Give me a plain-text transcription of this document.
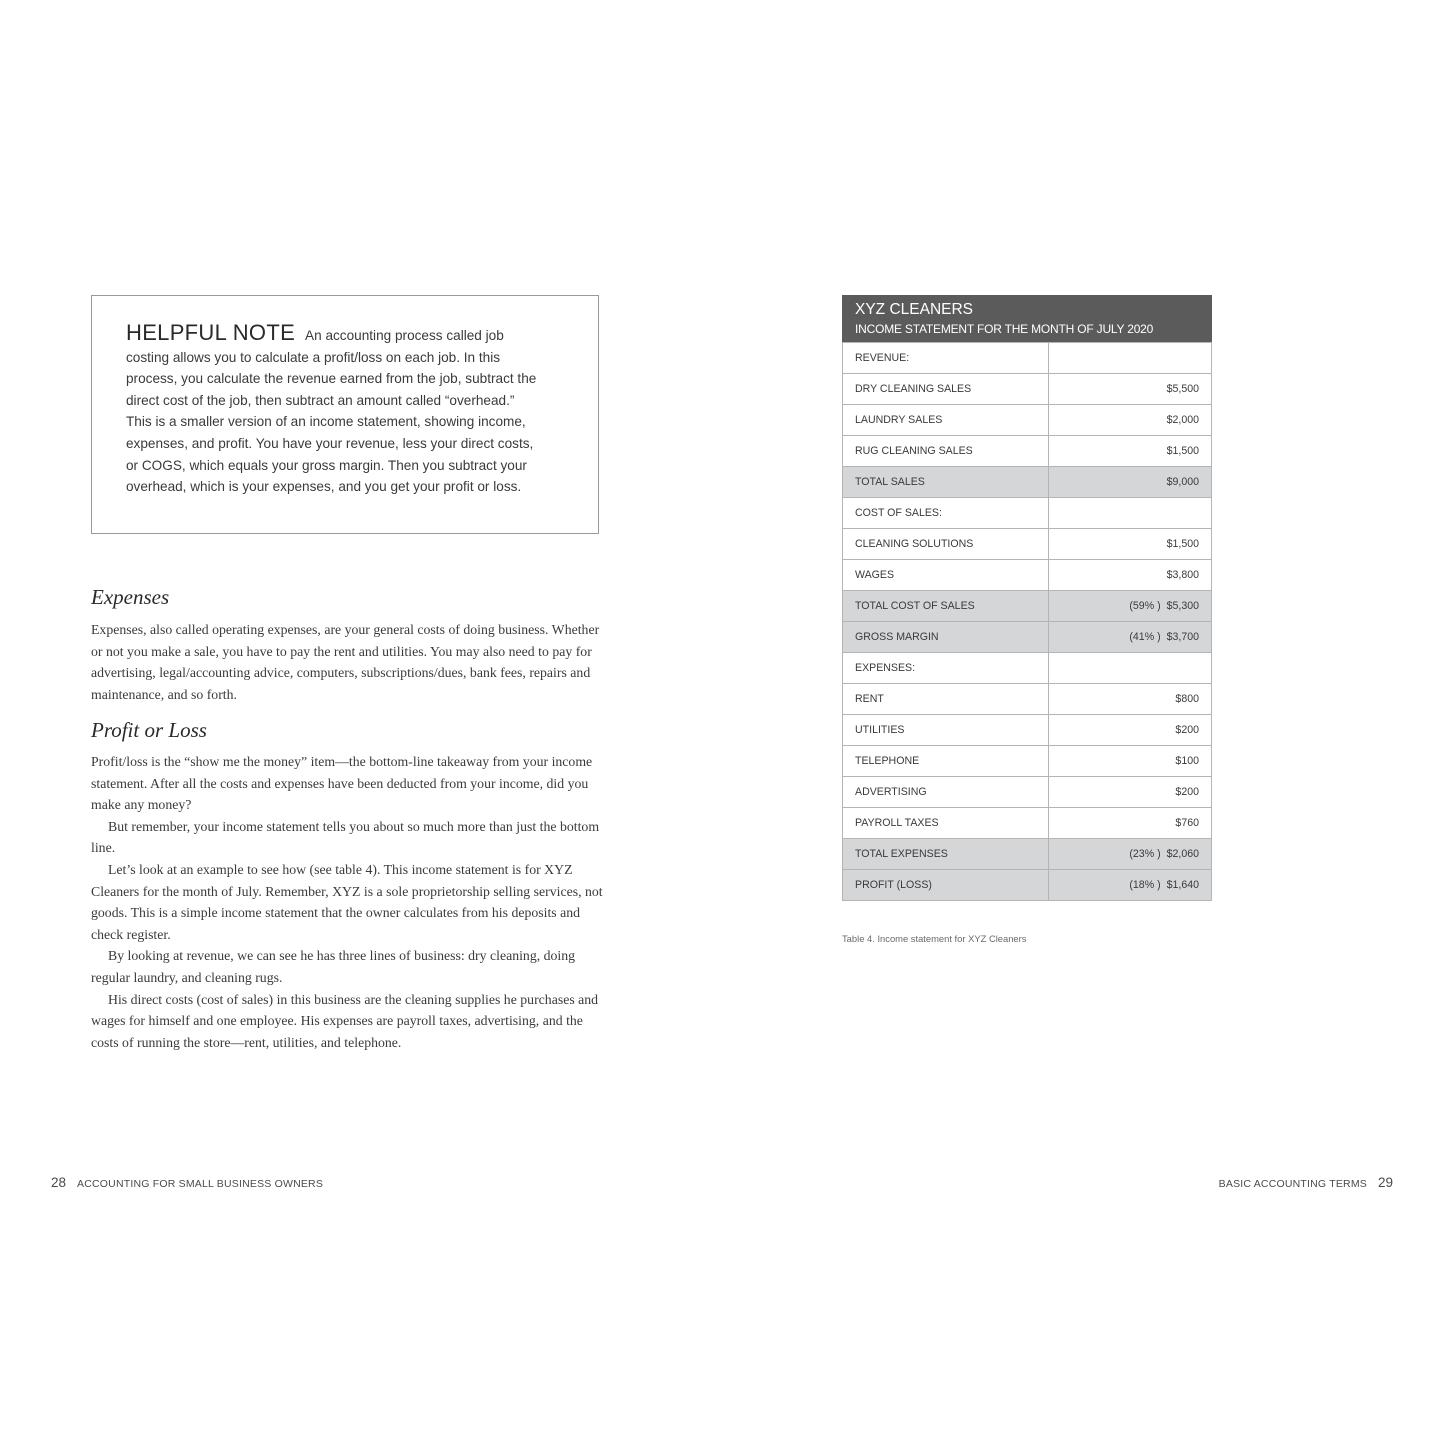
HELPFUL NOTE An accounting process called job costing allows you to calculate a profit/loss on each job. In this process, you calculate the revenue earned from the job, subtract the direct cost of the job, then subtract an amount called “overhead.” This is a smaller version of an income statement, showing income, expenses, and profit. You have your revenue, less your direct costs, or COGS, which equals your gross margin. Then you subtract your overhead, which is your expenses, and you get your profit or loss.

Expenses

Expenses, also called operating expenses, are your general costs of doing business. Whether or not you make a sale, you have to pay the rent and utilities. You may also need to pay for advertising, legal/accounting advice, computers, subscriptions/dues, bank fees, repairs and maintenance, and so forth.

Profit or Loss

Profit/loss is the “show me the money” item—the bottom-line takeaway from your income statement. After all the costs and expenses have been deducted from your income, did you make any money?

But remember, your income statement tells you about so much more than just the bottom line.

Let’s look at an example to see how (see table 4). This income statement is for XYZ Cleaners for the month of July. Remember, XYZ is a sole proprietorship selling services, not goods. This is a simple income statement that the owner calculates from his deposits and check register.

By looking at revenue, we can see he has three lines of business: dry cleaning, doing regular laundry, and cleaning rugs.

His direct costs (cost of sales) in this business are the cleaning supplies he purchases and wages for himself and one employee. His expenses are payroll taxes, advertising, and the costs of running the store—rent, utilities, and telephone.

XYZ CLEANERS
INCOME STATEMENT FOR THE MONTH OF JULY 2020
REVENUE:	
DRY CLEANING SALES	$5,500
LAUNDRY SALES	$2,000
RUG CLEANING SALES	$1,500
TOTAL SALES	$9,000
COST OF SALES:	
CLEANING SOLUTIONS	$1,500
WAGES	$3,800
TOTAL COST OF SALES	(59% ) $5,300
GROSS MARGIN	(41% ) $3,700
EXPENSES:	
RENT	$800
UTILITIES	$200
TELEPHONE	$100
ADVERTISING	$200
PAYROLL TAXES	$760
TOTAL EXPENSES	(23% ) $2,060
PROFIT (LOSS)	(18% ) $1,640
Table 4. Income statement for XYZ Cleaners
28 ACCOUNTING FOR SMALL BUSINESS OWNERS	BASIC ACCOUNTING TERMS 29
